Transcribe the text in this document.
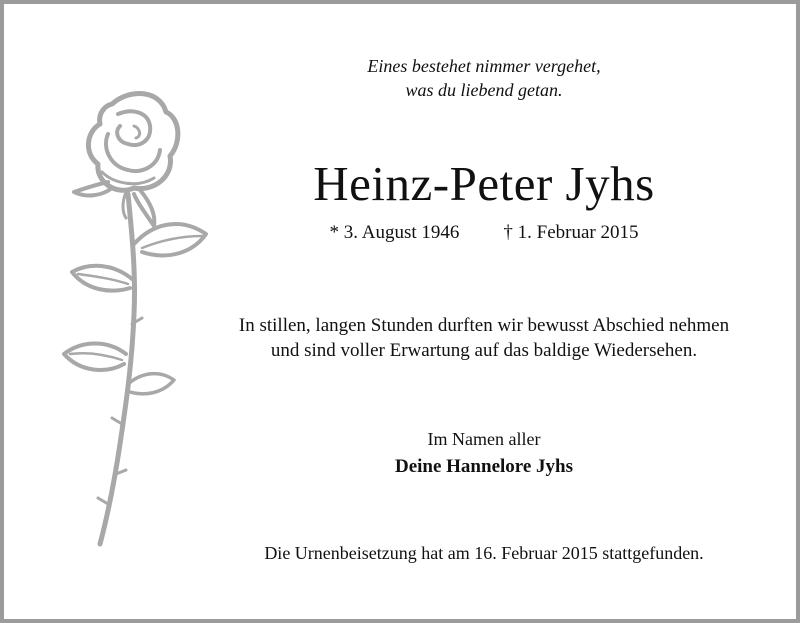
Eines bestehet nimmer vergehet,
was du liebend getan.
Heinz-Peter Jyhs
* 3. August 1946 † 1. Februar 2015
In stillen, langen Stunden durften wir bewusst Abschied nehmen
und sind voller Erwartung auf das baldige Wiedersehen.
Im Namen aller
Deine Hannelore Jyhs
Die Urnenbeisetzung hat am 16. Februar 2015 stattgefunden.
